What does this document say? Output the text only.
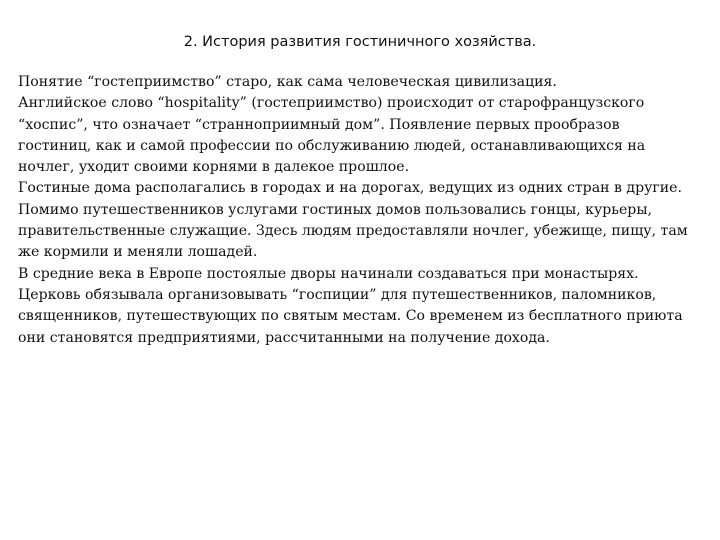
2. История развития гостиничного хозяйства.
Понятие “гостеприимство” старо, как сама человеческая цивилизация.
Английское слово “hospitality” (гостеприимство) происходит от старофранцузского
“хоспис”, что означает “странноприимный дом”. Появление первых прообразов
гостиниц, как и самой профессии по обслуживанию людей, останавливающихся на
ночлег, уходит своими корнями в далекое прошлое.
Гостиные дома располагались в городах и на дорогах, ведущих из одних стран в другие.
Помимо путешественников услугами гостиных домов пользовались гонцы, курьеры,
правительственные служащие. Здесь людям предоставляли ночлег, убежище, пищу, там
же кормили и меняли лошадей.
В средние века в Европе постоялые дворы начинали создаваться при монастырях.
Церковь обязывала организовывать “госпиции” для путешественников, паломников,
священников, путешествующих по святым местам. Со временем из бесплатного приюта
они становятся предприятиями, рассчитанными на получение дохода.
